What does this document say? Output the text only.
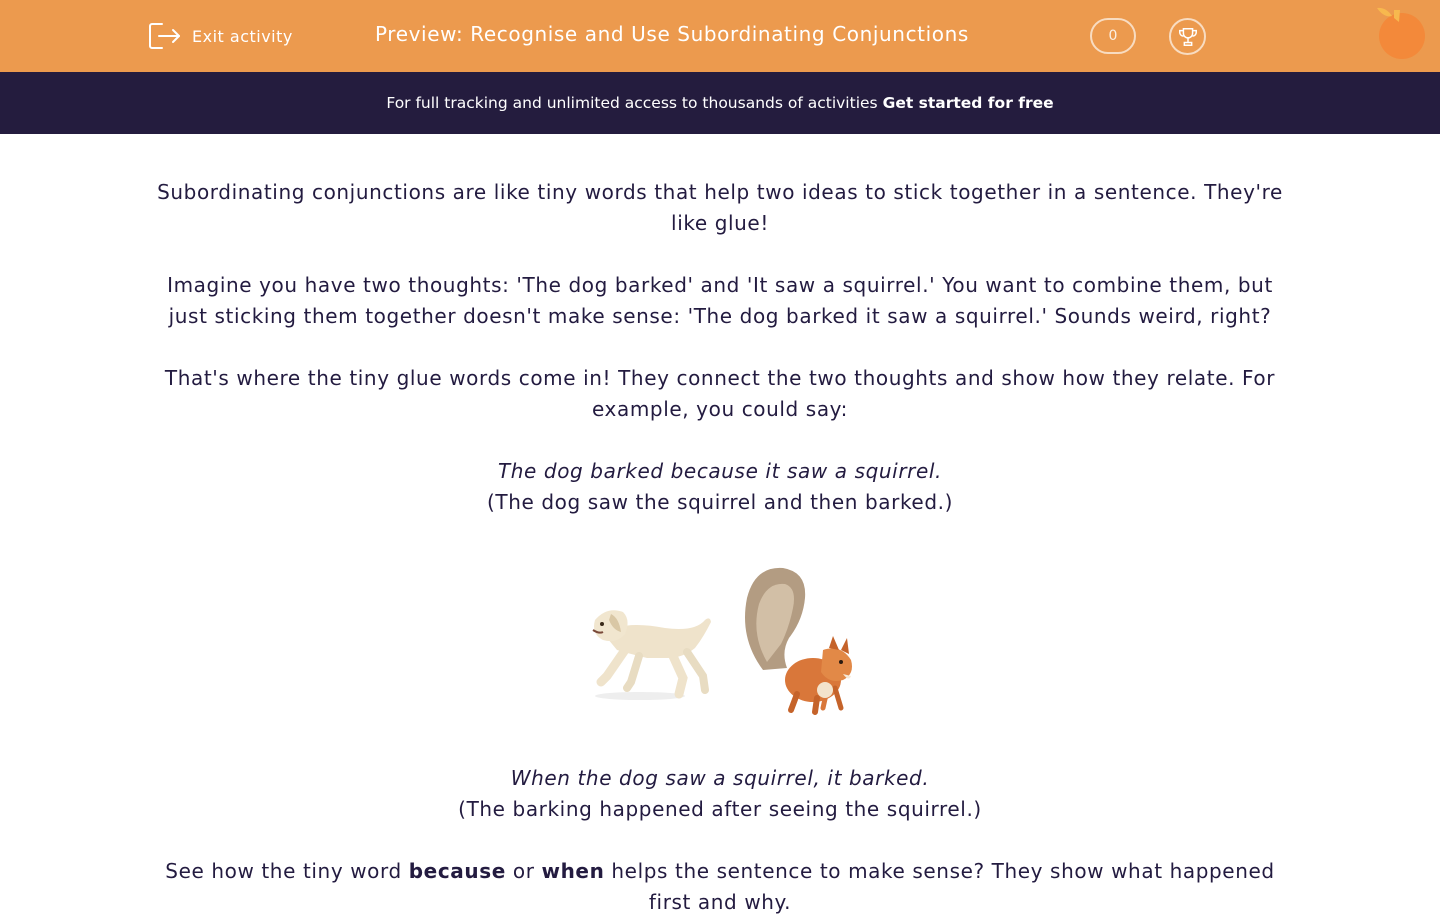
Exit activity	Preview: Recognise and Use Subordinating Conjunctions	0
For full tracking and unlimited access to thousands of activities Get started for free

Subordinating conjunctions are like tiny words that help two ideas to stick together in a sentence. They're like glue!

Imagine you have two thoughts: 'The dog barked' and 'It saw a squirrel.' You want to combine them, but just sticking them together doesn't make sense: 'The dog barked it saw a squirrel.' Sounds weird, right?

That's where the tiny glue words come in! They connect the two thoughts and show how they relate. For example, you could say:

The dog barked because it saw a squirrel.

(The dog saw the squirrel and then barked.)

When the dog saw a squirrel, it barked.

(The barking happened after seeing the squirrel.)

See how the tiny word because or when helps the sentence to make sense? They show what happened first and why.
